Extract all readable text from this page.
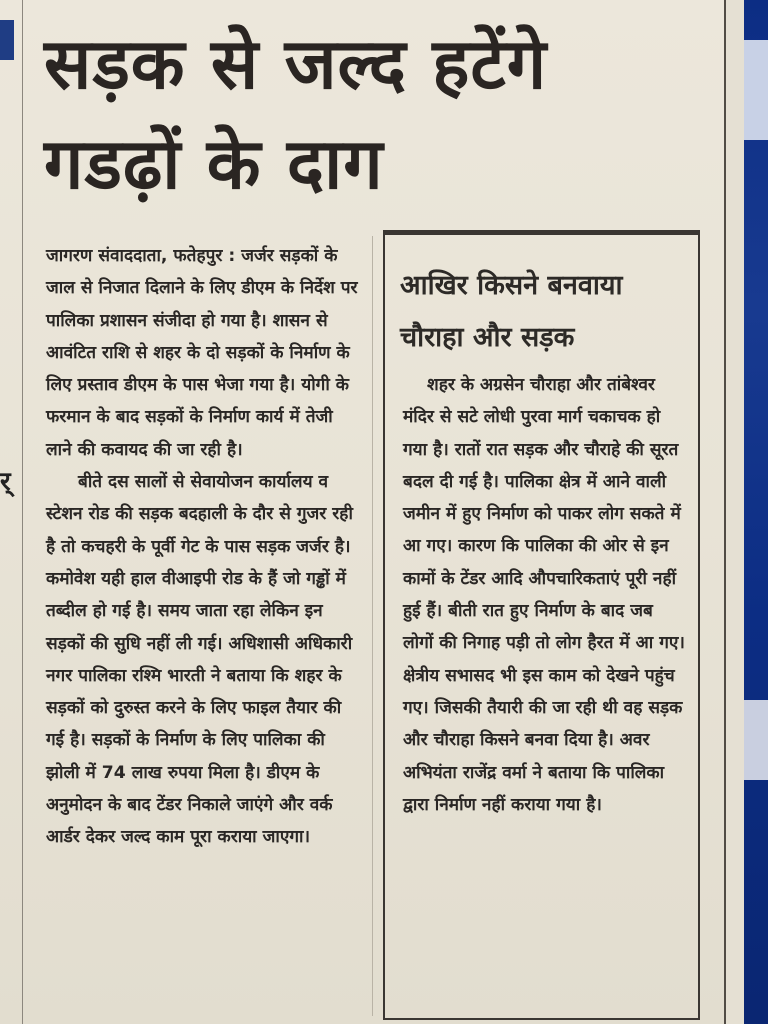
र्
सड़क से जल्द हटेंगे
गडढ़ों के दाग

जागरण संवाददाता, फतेहपुर : जर्जर सड़कों के जाल से निजात दिलाने के लिए डीएम के निर्देश पर पालिका प्रशासन संजीदा हो गया है। शासन से आवंटित राशि से शहर के दो सड़कों के निर्माण के लिए प्रस्ताव डीएम के पास भेजा गया है। योगी के फरमान के बाद सड़कों के निर्माण कार्य में तेजी लाने की कवायद की जा रही है।

बीते दस सालों से सेवायोजन कार्यालय व स्टेशन रोड की सड़क बदहाली के दौर से गुजर रही है तो कचहरी के पूर्वी गेट के पास सड़क जर्जर है। कमोवेश यही हाल वीआइपी रोड के हैं जो गड्ढों में तब्दील हो गई है। समय जाता रहा लेकिन इन सड़कों की सुधि नहीं ली गई। अधिशासी अधिकारी नगर पालिका रश्मि भारती ने बताया कि शहर के सड़कों को दुरुस्त करने के लिए फाइल तैयार की गई है। सड़कों के निर्माण के लिए पालिका की झोली में 74 लाख रुपया मिला है। डीएम के अनुमोदन के बाद टेंडर निकाले जाएंगे और वर्क आर्डर देकर जल्द काम पूरा कराया जाएगा।

आखिर किसने बनवाया
चौराहा और सड़क

शहर के अग्रसेन चौराहा और तांबेश्वर मंदिर से सटे लोधी पुरवा मार्ग चकाचक हो गया है। रातों रात सड़क और चौराहे की सूरत बदल दी गई है। पालिका क्षेत्र में आने वाली जमीन में हुए निर्माण को पाकर लोग सकते में आ गए। कारण कि पालिका की ओर से इन कामों के टेंडर आदि औपचारिकताएं पूरी नहीं हुई हैं। बीती रात हुए निर्माण के बाद जब लोगों की निगाह पड़ी तो लोग हैरत में आ गए। क्षेत्रीय सभासद भी इस काम को देखने पहुंच गए। जिसकी तैयारी की जा रही थी वह सड़क और चौराहा किसने बनवा दिया है। अवर अभियंता राजेंद्र वर्मा ने बताया कि पालिका द्वारा निर्माण नहीं कराया गया है।
